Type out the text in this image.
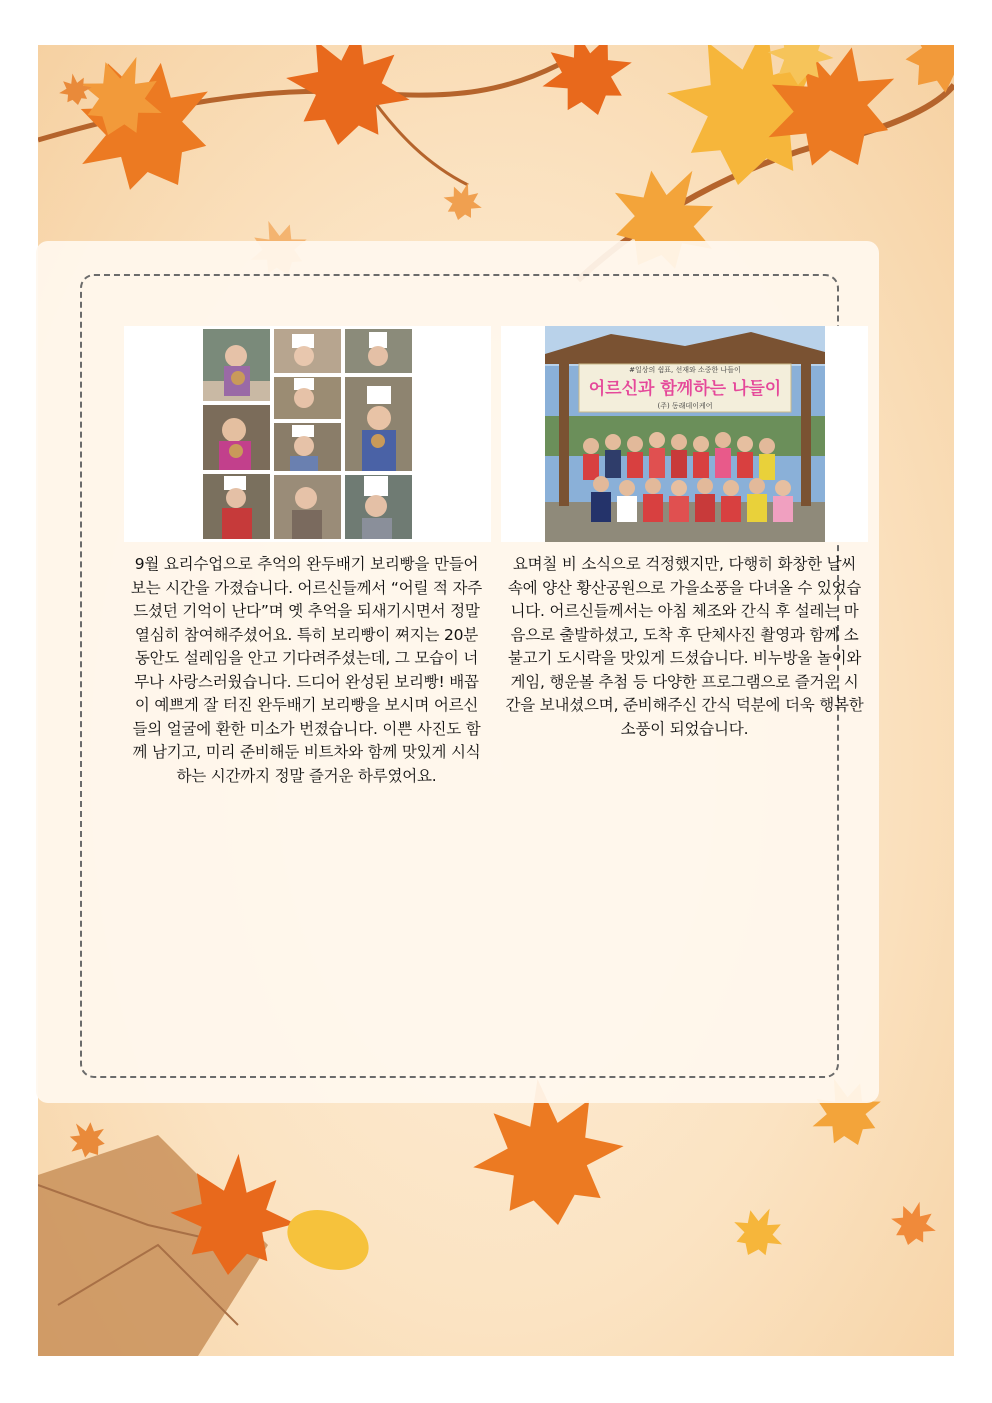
#일상의 쉼표, 선재와 소중한 나들이
어르신과 함께하는 나들이
(주) 동래데이케어

9월 요리수업으로 추억의 완두배기 보리빵을 만들어보는 시간을 가졌습니다. 어르신들께서 “어릴 적 자주 드셨던 기억이 난다”며 옛 추억을 되새기시면서 정말 열심히 참여해주셨어요. 특히 보리빵이 쪄지는 20분 동안도 설레임을 안고 기다려주셨는데, 그 모습이 너무나 사랑스러웠습니다. 드디어 완성된 보리빵! 배꼽이 예쁘게 잘 터진 완두배기 보리빵을 보시며 어르신들의 얼굴에 환한 미소가 번졌습니다. 이쁜 사진도 함께 남기고, 미리 준비해둔 비트차와 함께 맛있게 시식하는 시간까지 정말 즐거운 하루였어요.

요며칠 비 소식으로 걱정했지만, 다행히 화창한 날씨 속에 양산 황산공원으로 가을소풍을 다녀올 수 있었습니다. 어르신들께서는 아침 체조와 간식 후 설레는 마음으로 출발하셨고, 도착 후 단체사진 촬영과 함께 소불고기 도시락을 맛있게 드셨습니다. 비누방울 놀이와 게임, 행운볼 추첨 등 다양한 프로그램으로 즐거운 시간을 보내셨으며, 준비해주신 간식 덕분에 더욱 행복한 소풍이 되었습니다.
